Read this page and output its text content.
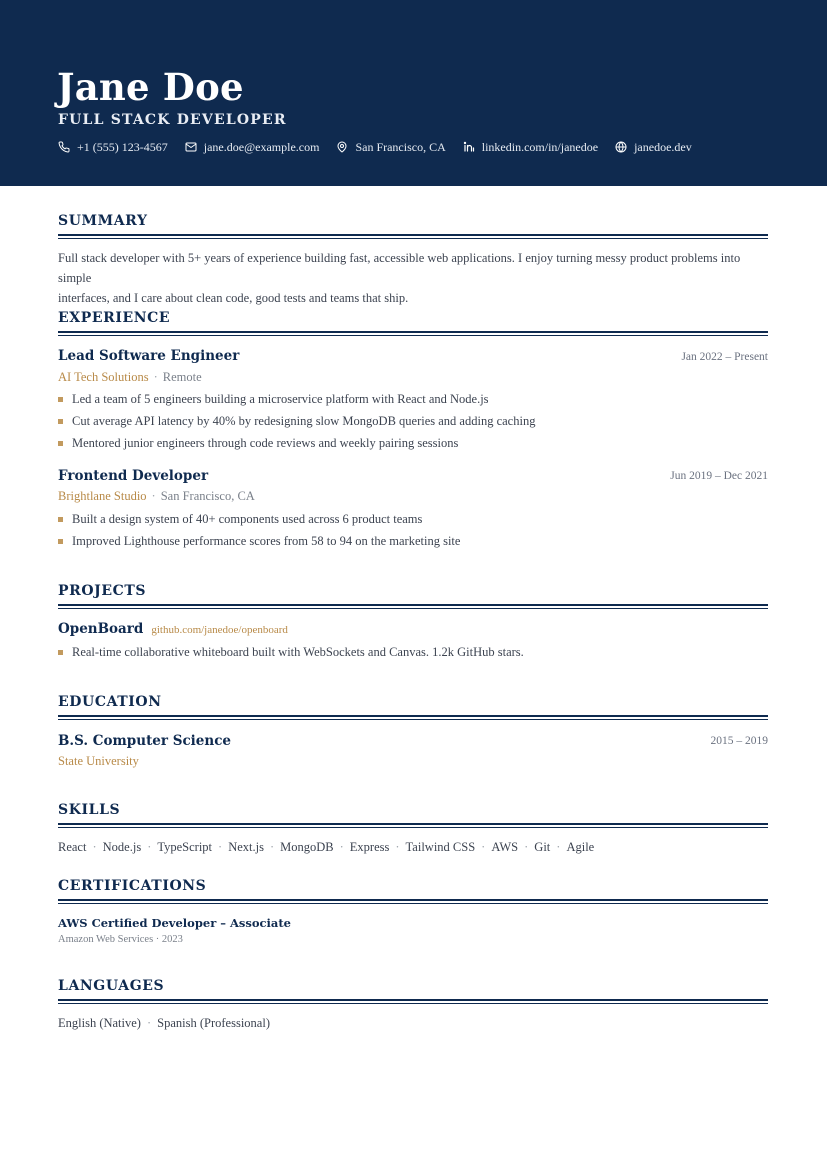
Jane Doe
FULL STACK DEVELOPER
+1 (555) 123-4567	jane.doe@example.com	San Francisco, CA	linkedin.com/in/janedoe	janedoe.dev
SUMMARY
Full stack developer with 5+ years of experience building fast, accessible web applications. I enjoy turning messy product problems into simple
interfaces, and I care about clean code, good tests and teams that ship.
EXPERIENCE
Lead Software Engineer	Jan 2022 – Present
AI Tech Solutions · Remote
Led a team of 5 engineers building a microservice platform with React and Node.js
Cut average API latency by 40% by redesigning slow MongoDB queries and adding caching
Mentored junior engineers through code reviews and weekly pairing sessions
Frontend Developer	Jun 2019 – Dec 2021
Brightlane Studio · San Francisco, CA
Built a design system of 40+ components used across 6 product teams
Improved Lighthouse performance scores from 58 to 94 on the marketing site
PROJECTS
OpenBoard github.com/janedoe/openboard
Real-time collaborative whiteboard built with WebSockets and Canvas. 1.2k GitHub stars.
EDUCATION
B.S. Computer Science	2015 – 2019
State University
SKILLS
React · Node.js · TypeScript · Next.js · MongoDB · Express · Tailwind CSS · AWS · Git · Agile
CERTIFICATIONS
AWS Certified Developer – Associate
Amazon Web Services · 2023
LANGUAGES
English (Native) · Spanish (Professional)
